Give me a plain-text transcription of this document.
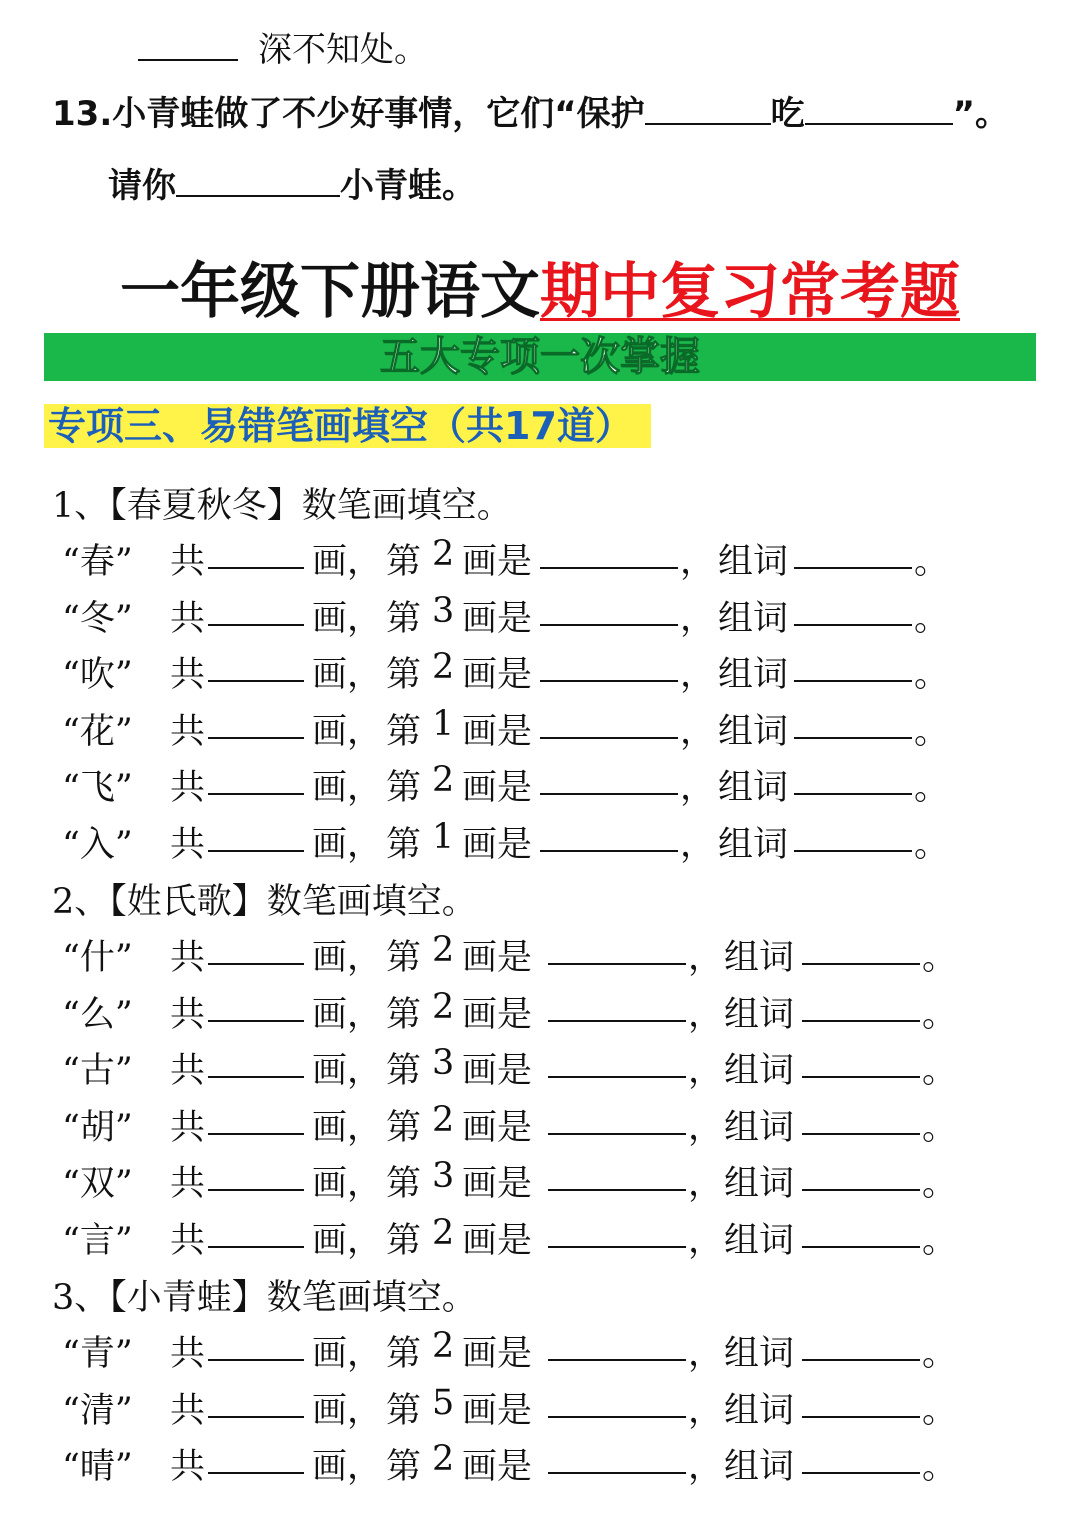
深不知处。
13.小青蛙做了不少好事情，它们“保护	吃	”。
请你	小青蛙。
一年级下册语文期中复习常考题
五大专项一次掌握
专项三、易错笔画填空（共17道）
1、【春夏秋冬】数笔画填空。
“春” 共	画， 第 2 画是	， 组词	。
“冬” 共	画， 第 3 画是	， 组词	。
“吹” 共	画， 第 2 画是	， 组词	。
“花” 共	画， 第 1 画是	， 组词	。
“飞” 共	画， 第 2 画是	， 组词	。
“入” 共	画， 第 1 画是	， 组词	。
2、【姓氏歌】数笔画填空。
“什” 共	画， 第 2 画是	， 组词	。
“么” 共	画， 第 2 画是	， 组词	。
“古” 共	画， 第 3 画是	， 组词	。
“胡” 共	画， 第 2 画是	， 组词	。
“双” 共	画， 第 3 画是	， 组词	。
“言” 共	画， 第 2 画是	， 组词	。
3、【小青蛙】数笔画填空。
“青” 共	画， 第 2 画是	， 组词	。
“清” 共	画， 第 5 画是	， 组词	。
“晴” 共	画， 第 2 画是	， 组词	。
